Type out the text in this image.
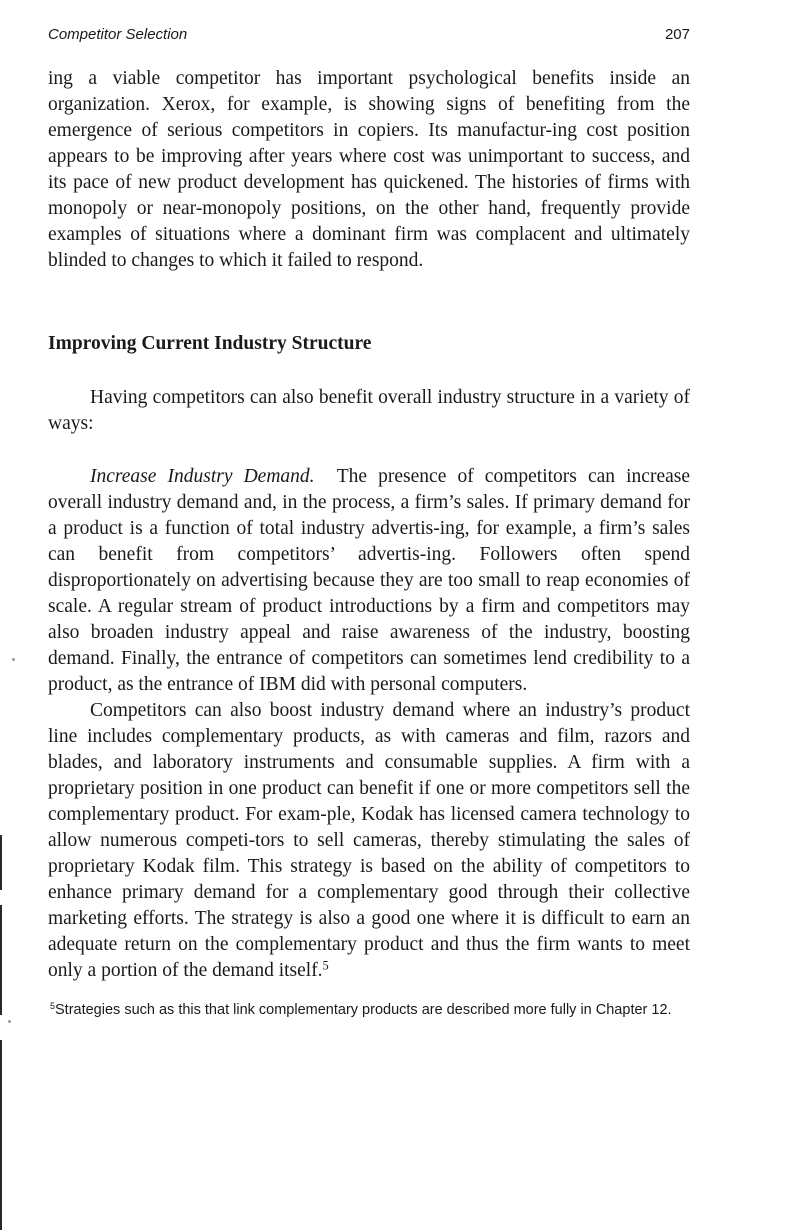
Competitor Selection	207

ing a viable competitor has important psychological benefits inside an organization. Xerox, for example, is showing signs of benefiting from the emergence of serious competitors in copiers. Its manufactur-ing cost position appears to be improving after years where cost was unimportant to success, and its pace of new product development has quickened. The histories of firms with monopoly or near-monopoly positions, on the other hand, frequently provide examples of situations where a dominant firm was complacent and ultimately blinded to changes to which it failed to respond.

Improving Current Industry Structure

Having competitors can also benefit overall industry structure in a variety of ways:

Increase Industry Demand. The presence of competitors can increase overall industry demand and, in the process, a firm’s sales. If primary demand for a product is a function of total industry advertis-ing, for example, a firm’s sales can benefit from competitors’ advertis-ing. Followers often spend disproportionately on advertising because they are too small to reap economies of scale. A regular stream of product introductions by a firm and competitors may also broaden industry appeal and raise awareness of the industry, boosting demand. Finally, the entrance of competitors can sometimes lend credibility to a product, as the entrance of IBM did with personal computers.

Competitors can also boost industry demand where an industry’s product line includes complementary products, as with cameras and film, razors and blades, and laboratory instruments and consumable supplies. A firm with a proprietary position in one product can benefit if one or more competitors sell the complementary product. For exam-ple, Kodak has licensed camera technology to allow numerous competi-tors to sell cameras, thereby stimulating the sales of proprietary Kodak film. This strategy is based on the ability of competitors to enhance primary demand for a complementary good through their collective marketing efforts. The strategy is also a good one where it is difficult to earn an adequate return on the complementary product and thus the firm wants to meet only a portion of the demand itself.$^5$

$^5$Strategies such as this that link complementary products are described more fully in Chapter 12.
